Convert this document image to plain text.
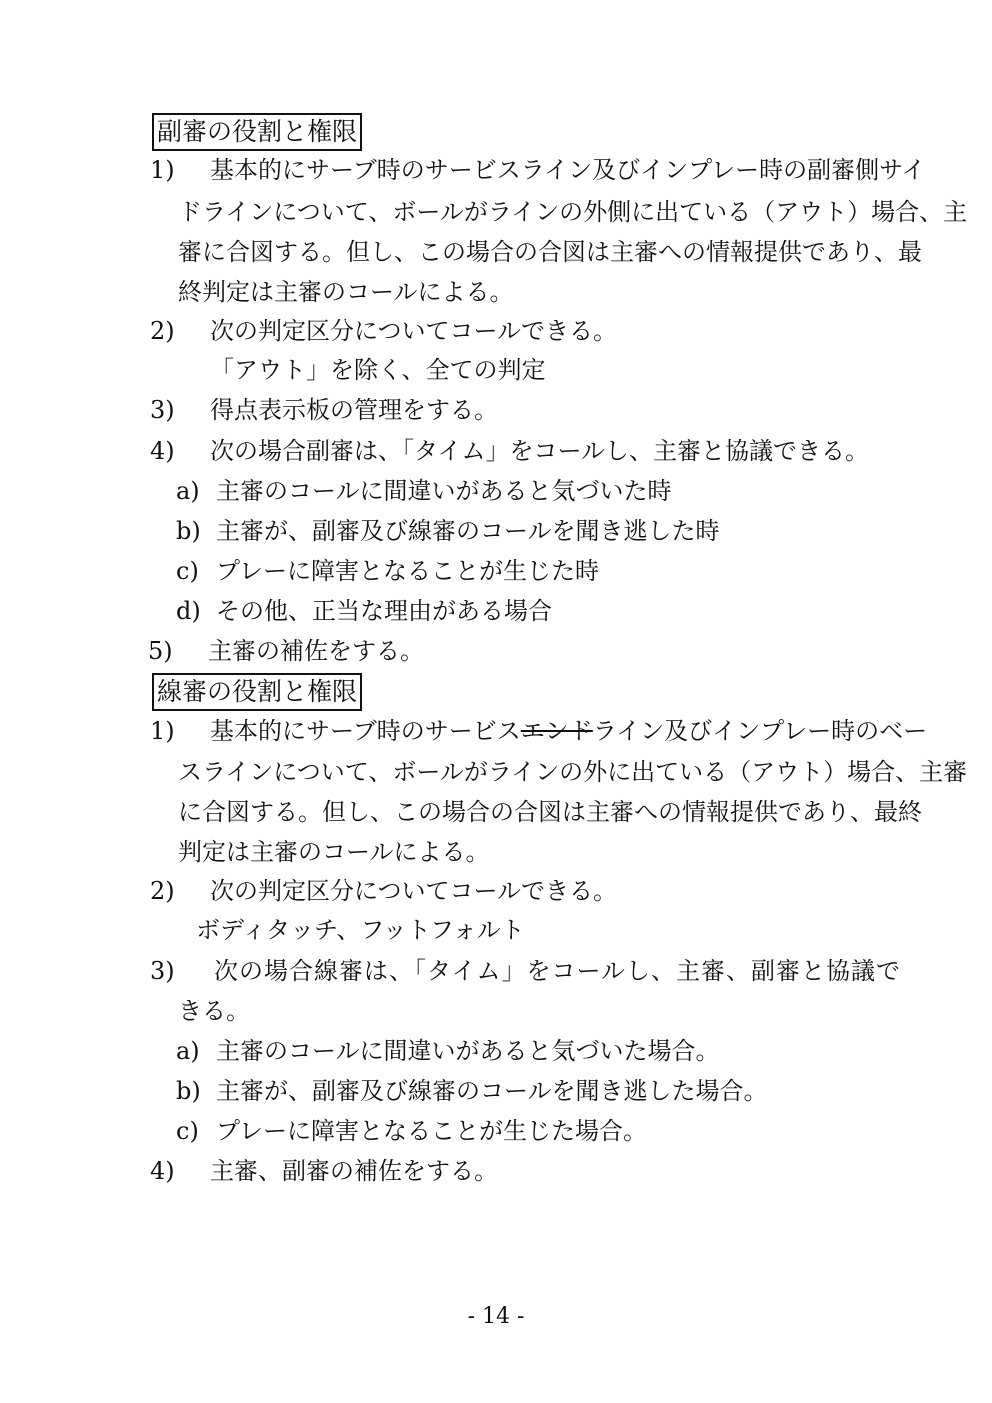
副審の役割と権限
1) 基本的にサーブ時のサービスライン及びインプレー時の副審側サイ
ドラインについて、ボールがラインの外側に出ている（アウト）場合、主
審に合図する。但し、この場合の合図は主審への情報提供であり、最
終判定は主審のコールによる。
2) 次の判定区分についてコールできる。
「アウト」を除く、全ての判定
3) 得点表示板の管理をする。
4) 次の場合副審は、「タイム」をコールし、主審と協議できる。
a) 主審のコールに間違いがあると気づいた時
b) 主審が、副審及び線審のコールを聞き逃した時
c) プレーに障害となることが生じた時
d) その他、正当な理由がある場合
5) 主審の補佐をする。
線審の役割と権限
1) 基本的にサーブ時のサービスエンドライン及びインプレー時のベー
スラインについて、ボールがラインの外に出ている（アウト）場合、主審
に合図する。但し、この場合の合図は主審への情報提供であり、最終
判定は主審のコールによる。
2) 次の判定区分についてコールできる。
ボディタッチ、フットフォルト
3) 次の場合線審は、「タイム」をコールし、主審、副審と協議で
きる。
a) 主審のコールに間違いがあると気づいた場合。
b) 主審が、副審及び線審のコールを聞き逃した場合。
c) プレーに障害となることが生じた場合。
4) 主審、副審の補佐をする。
- 14 -
